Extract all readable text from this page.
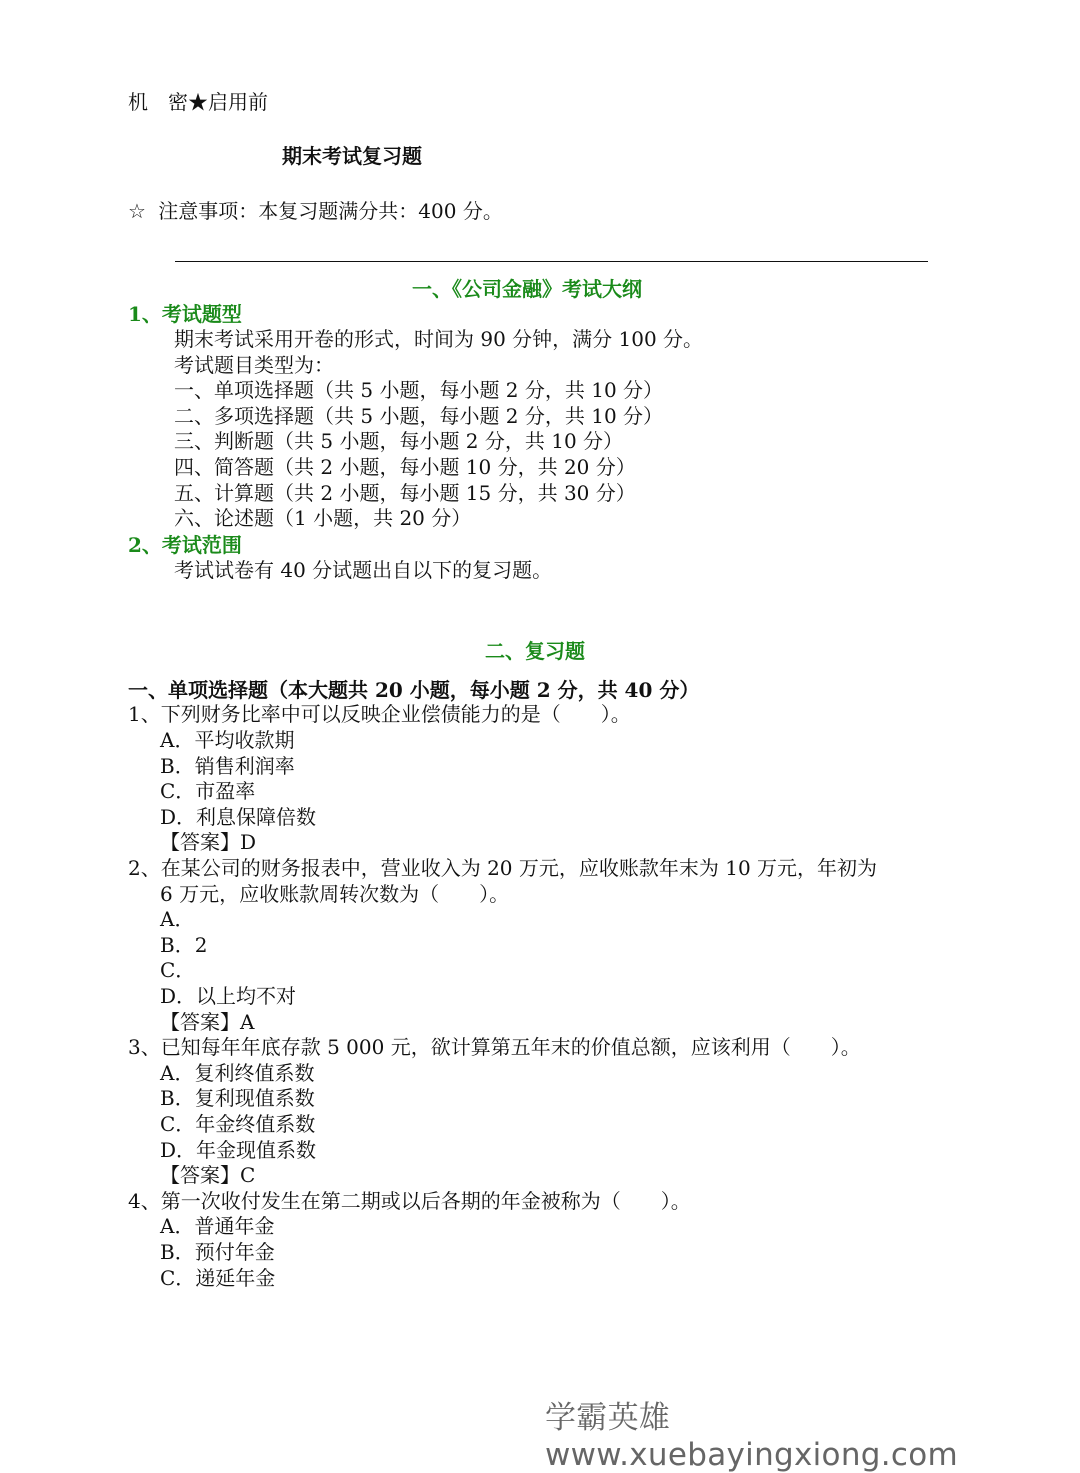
机　密★启用前
期末考试复习题
☆ 注意事项：本复习题满分共：400 分。
一、《公司金融》考试大纲
1、考试题型
期末考试采用开卷的形式，时间为 90 分钟，满分 100 分。
考试题目类型为：
一、单项选择题（共 5 小题，每小题 2 分，共 10 分）
二、多项选择题（共 5 小题，每小题 2 分，共 10 分）
三、判断题（共 5 小题，每小题 2 分，共 10 分）
四、简答题（共 2 小题，每小题 10 分，共 20 分）
五、计算题（共 2 小题，每小题 15 分，共 30 分）
六、论述题（1 小题，共 20 分）
2、考试范围
考试试卷有 40 分试题出自以下的复习题。
二、复习题
一、单项选择题（本大题共 20 小题，每小题 2 分，共 40 分）
1、下列财务比率中可以反映企业偿债能力的是（　　）。
A．平均收款期
B．销售利润率
C．市盈率
D．利息保障倍数
【答案】D
2、在某公司的财务报表中，营业收入为 20 万元，应收账款年末为 10 万元，年初为
6 万元，应收账款周转次数为（　　）。
A．
B．2
C．
D．以上均不对
【答案】A
3、已知每年年底存款 5 000 元，欲计算第五年末的价值总额，应该利用（　　）。
A．复利终值系数
B．复利现值系数
C．年金终值系数
D．年金现值系数
【答案】C
4、第一次收付发生在第二期或以后各期的年金被称为（　　）。
A．普通年金
B．预付年金
C．递延年金
学霸英雄 www.xuebayingxiong.com
